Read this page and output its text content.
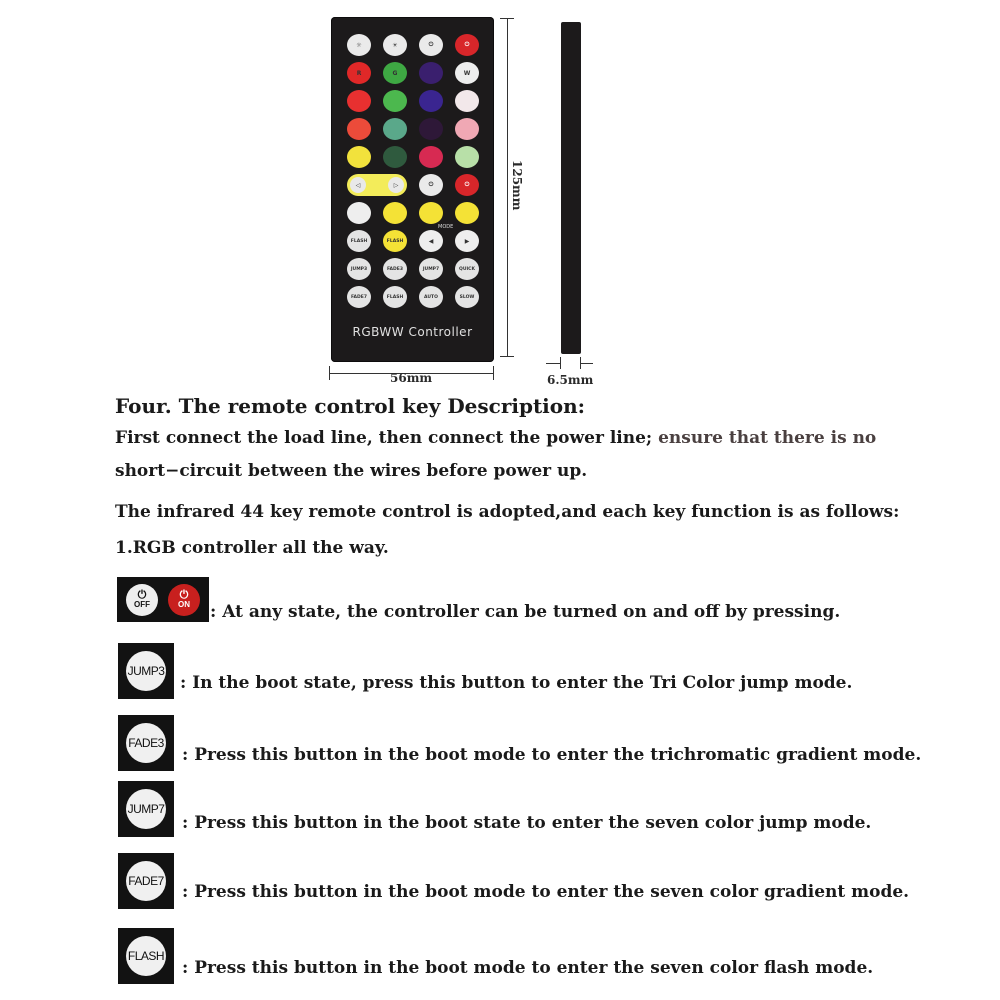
☼	☀	⏻	⏻
R	G	W
⏻	⏻
FLASH	FLASH	◀	▶
JUMP3	FADE3	JUMP7	QUICK
FADE7	FLASH	AUTO	SLOW
◁	▷
RGBWW Controller
MODE
125mm
56mm	6.5mm
Four. The remote control key Description:
First connect the load line, then connect the power line; ensure that there is no
short−circuit between the wires before power up.
The infrared 44 key remote control is adopted,and each key function is as follows:
1.RGB controller all the way.
⏻
OFF
⏻
ON : At any state, the controller can be turned on and off by pressing.
JUMP3
: In the boot state, press this button to enter the Tri Color jump mode.
FADE3
: Press this button in the boot mode to enter the trichromatic gradient mode.
JUMP7
: Press this button in the boot state to enter the seven color jump mode.
FADE7
: Press this button in the boot mode to enter the seven color gradient mode.
FLASH
: Press this button in the boot mode to enter the seven color flash mode.
